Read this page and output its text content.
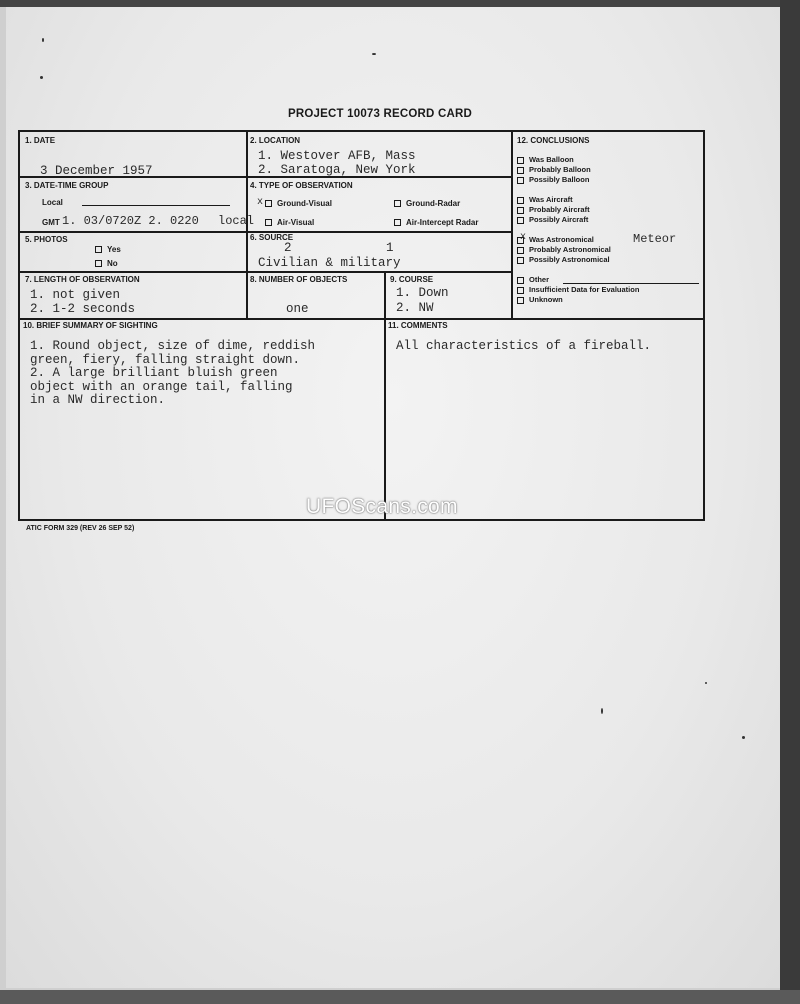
PROJECT 10073 RECORD CARD
1. DATE
3 December 1957
2. LOCATION
1. Westover AFB, Mass
2. Saratoga, New York
3. DATE-TIME GROUP
Local
GMT 1. 03/0720Z 2. 0220 local
4. TYPE OF OBSERVATION
x	Ground-Visual	Ground-Radar
Air-Visual	Air-Intercept Radar
5. PHOTOS
Yes
No
6. SOURCE
2	1
Civilian & military
7. LENGTH OF OBSERVATION
1. not given
2. 1-2 seconds
8. NUMBER OF OBJECTS
one
9. COURSE
1. Down
2. NW
10. BRIEF SUMMARY OF SIGHTING
1. Round object, size of dime, reddish
green, fiery, falling straight down.
2. A large brilliant bluish green
object with an orange tail, falling
in a NW direction.
11. COMMENTS
All characteristics of a fireball.
12. CONCLUSIONS
Was Balloon
Probably Balloon
Possibly Balloon
Was Aircraft
Probably Aircraft
Possibly Aircraft
x Was Astronomical	Meteor
Probably Astronomical
Possibly Astronomical
Other
Insufficient Data for Evaluation
Unknown
ATIC FORM 329 (REV 26 SEP 52)
UFOScans.com
